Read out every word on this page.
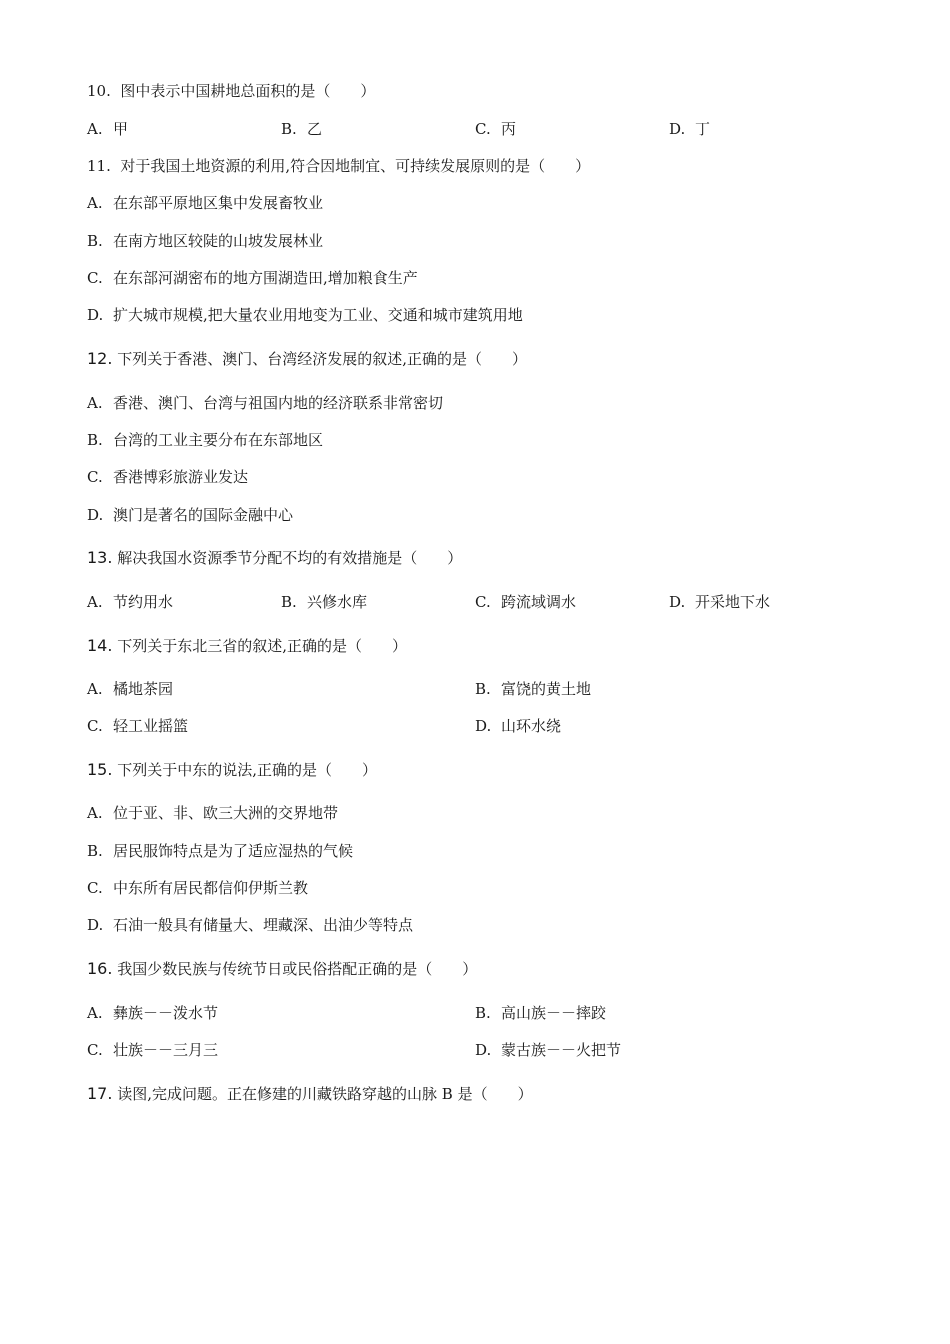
10. 图中表示中国耕地总面积的是（　　）
A. 甲	B. 乙	C. 丙	D. 丁
11. 对于我国土地资源的利用,符合因地制宜、可持续发展原则的是（　　）
A. 在东部平原地区集中发展畜牧业
B. 在南方地区较陡的山坡发展林业
C. 在东部河湖密布的地方围湖造田,增加粮食生产
D. 扩大城市规模,把大量农业用地变为工业、交通和城市建筑用地
12. 下列关于香港、澳门、台湾经济发展的叙述,正确的是（　　）
A. 香港、澳门、台湾与祖国内地的经济联系非常密切
B. 台湾的工业主要分布在东部地区
C. 香港博彩旅游业发达
D. 澳门是著名的国际金融中心
13. 解决我国水资源季节分配不均的有效措施是（　　）
A. 节约用水	B. 兴修水库	C. 跨流域调水	D. 开采地下水
14. 下列关于东北三省的叙述,正确的是（　　）
A. 橘地茶园	B. 富饶的黄土地
C. 轻工业摇篮	D. 山环水绕
15. 下列关于中东的说法,正确的是（　　）
A. 位于亚、非、欧三大洲的交界地带
B. 居民服饰特点是为了适应湿热的气候
C. 中东所有居民都信仰伊斯兰教
D. 石油一般具有储量大、埋藏深、出油少等特点
16. 我国少数民族与传统节日或民俗搭配正确的是（　　）
A. 彝族－－泼水节	B. 高山族－－摔跤
C. 壮族－－三月三	D. 蒙古族－－火把节
17. 读图,完成问题。正在修建的川藏铁路穿越的山脉 B 是（　　）
